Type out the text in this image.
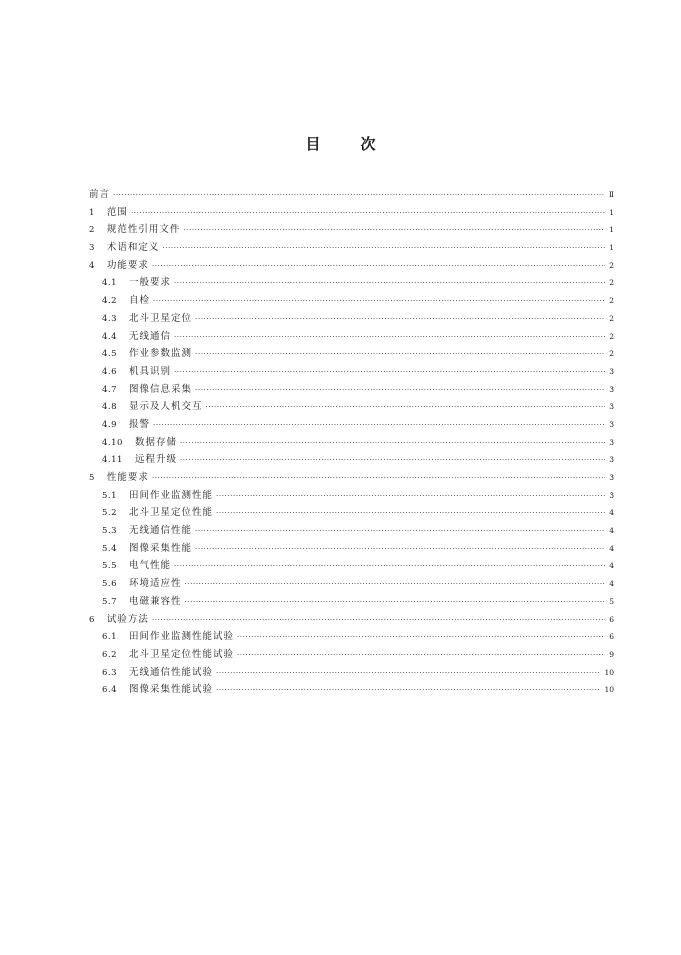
目	次
前言 ·····	Ⅱ
1 范围 ·····	1
2 规范性引用文件 ·····	1
3 术语和定义 ·····	1
4 功能要求 ·····	2
4.1 一般要求 ·····	2
4.2 自检 ·····	2
4.3 北斗卫星定位 ·····	2
4.4 无线通信 ·····	2
4.5 作业参数监测 ·····	2
4.6 机具识别 ·····	3
4.7 图像信息采集 ·····	3
4.8 显示及人机交互 ·····	3
4.9 报警 ·····	3
4.10 数据存储 ·····	3
4.11 远程升级 ·····	3
5 性能要求 ·····	3
5.1 田间作业监测性能 ·····	3
5.2 北斗卫星定位性能 ·····	4
5.3 无线通信性能 ·····	4
5.4 图像采集性能 ·····	4
5.5 电气性能 ·····	4
5.6 环境适应性 ·····	4
5.7 电磁兼容性 ·····	5
6 试验方法 ·····	6
6.1 田间作业监测性能试验 ·····	6
6.2 北斗卫星定位性能试验 ·····	9
6.3 无线通信性能试验 ·····	10
6.4 图像采集性能试验 ·····	10
